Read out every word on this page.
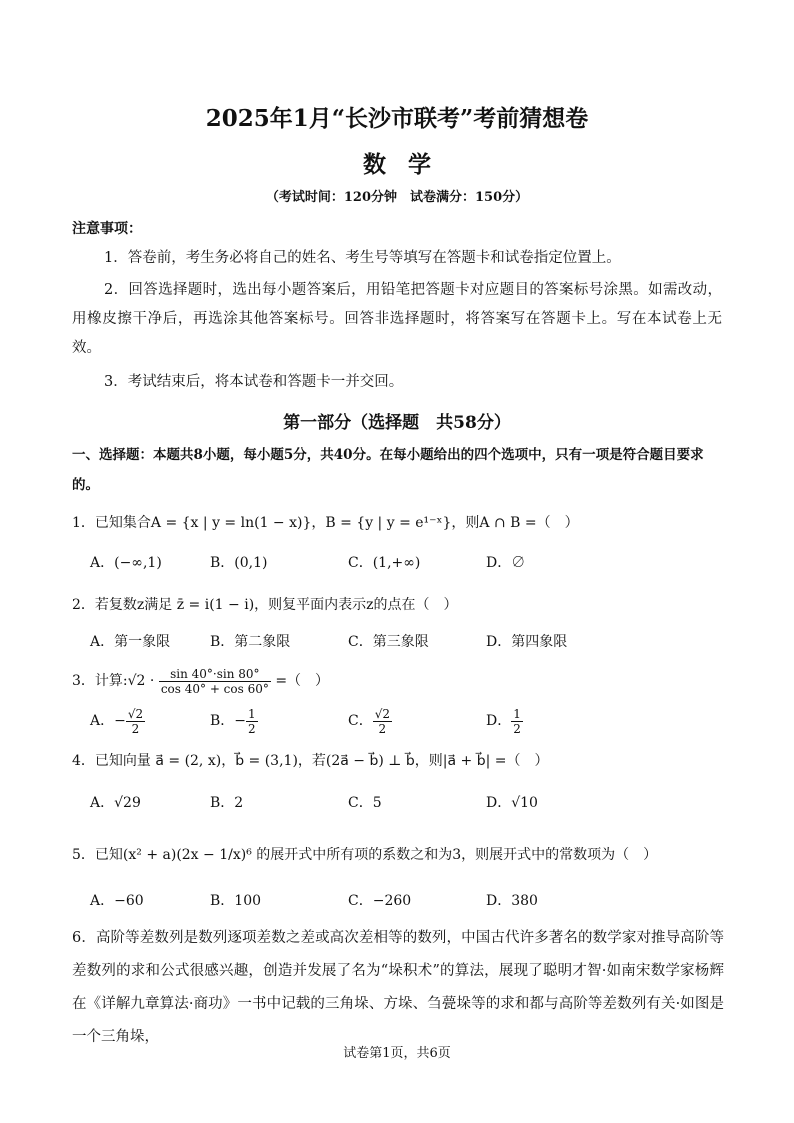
2025年1月“长沙市联考”考前猜想卷
数学
（考试时间：120分钟　试卷满分：150分）
注意事项：
1．答卷前，考生务必将自己的姓名、考生号等填写在答题卡和试卷指定位置上。
2．回答选择题时，选出每小题答案后，用铅笔把答题卡对应题目的答案标号涂黑。如需改动，用橡皮擦干净后，再选涂其他答案标号。回答非选择题时，将答案写在答题卡上。写在本试卷上无效。
3．考试结束后，将本试卷和答题卡一并交回。
第一部分（选择题　共58分）
一、选择题：本题共8小题，每小题5分，共40分。在每小题给出的四个选项中，只有一项是符合题目要求的。
1．已知集合A = {x | y = ln(1 − x)}，B = {y | y = e¹⁻ˣ}，则A ∩ B =（　）
A．(−∞,1)	B．(0,1)	C．(1,+∞)	D．∅
2．若复数z满足 z̄ = i(1 − i)，则复平面内表示z的点在（　）
A．第一象限	B．第二象限	C．第三象限	D．第四象限
3．计算:√2 · $\frac{\sin 40^\circ\cdot\sin 80^\circ}{\cos 40^\circ + \cos 60^\circ}$ =（　）
A．− $\frac{√2}{2}$	B．− $\frac{1}{2}$	C． $\frac{√2}{2}$	D． $\frac{1}{2}$
4．已知向量 a⃗ = (2, x)，b⃗ = (3,1)，若(2a⃗ − b⃗) ⊥ b⃗，则|a⃗ + b⃗| =（　）
A．√29	B．2	C．5	D．√10
5．已知(x² + a)(2x − 1/x)⁶ 的展开式中所有项的系数之和为3，则展开式中的常数项为（　）
A．−60	B．100	C．−260	D．380
6．高阶等差数列是数列逐项差数之差或高次差相等的数列，中国古代许多著名的数学家对推导高阶等差数列的求和公式很感兴趣，创造并发展了名为“垛积术”的算法，展现了聪明才智·如南宋数学家杨辉在《详解九章算法·商功》一书中记载的三角垛、方垛、刍甍垛等的求和都与高阶等差数列有关·如图是一个三角垛，
试卷第1页，共6页
